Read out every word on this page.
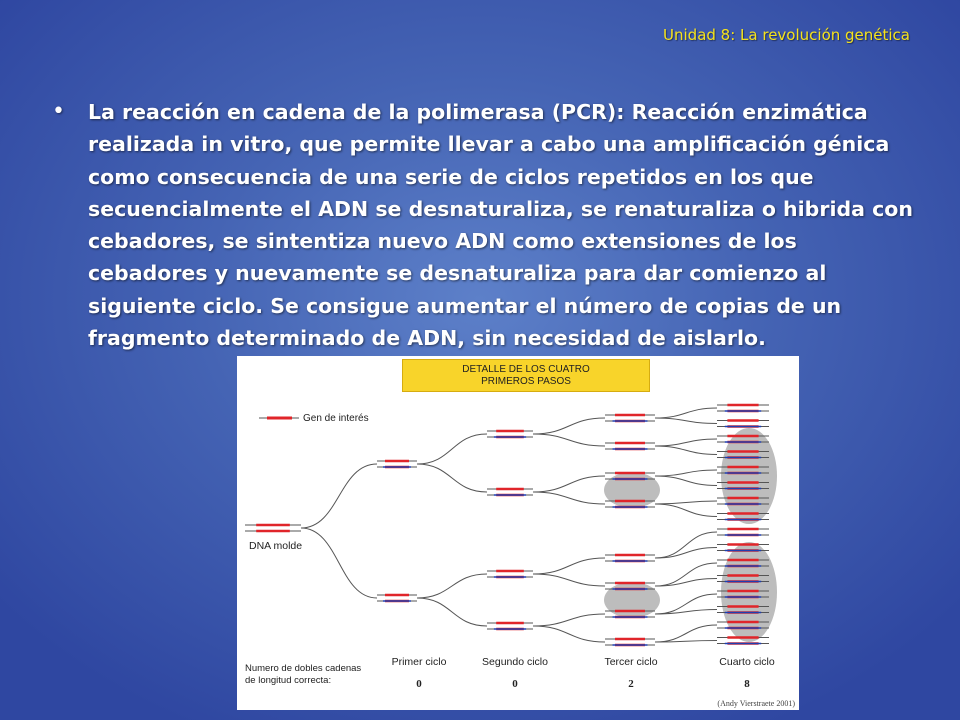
Unidad 8: La revolución genética
• La reacción en cadena de la polimerasa (PCR): Reacción enzimática realizada in vitro, que permite llevar a cabo una amplificación génica como consecuencia de una serie de ciclos repetidos en los que secuencialmente el ADN se desnaturaliza, se renaturaliza o hibrida con cebadores, se sintentiza nuevo ADN como extensiones de los cebadores y nuevamente se desnaturaliza para dar comienzo al siguiente ciclo. Se consigue aumentar el número de copias de un fragmento determinado de ADN, sin necesidad de aislarlo.

DETALLE DE LOS CUATRO
PRIMEROS PASOS
Gen de interés
DNA molde
Numero de dobles cadenas de longitud correcta:
Primer ciclo	Segundo ciclo	Tercer ciclo	Cuarto ciclo
0	0	2	8
(Andy Vierstraete 2001)
